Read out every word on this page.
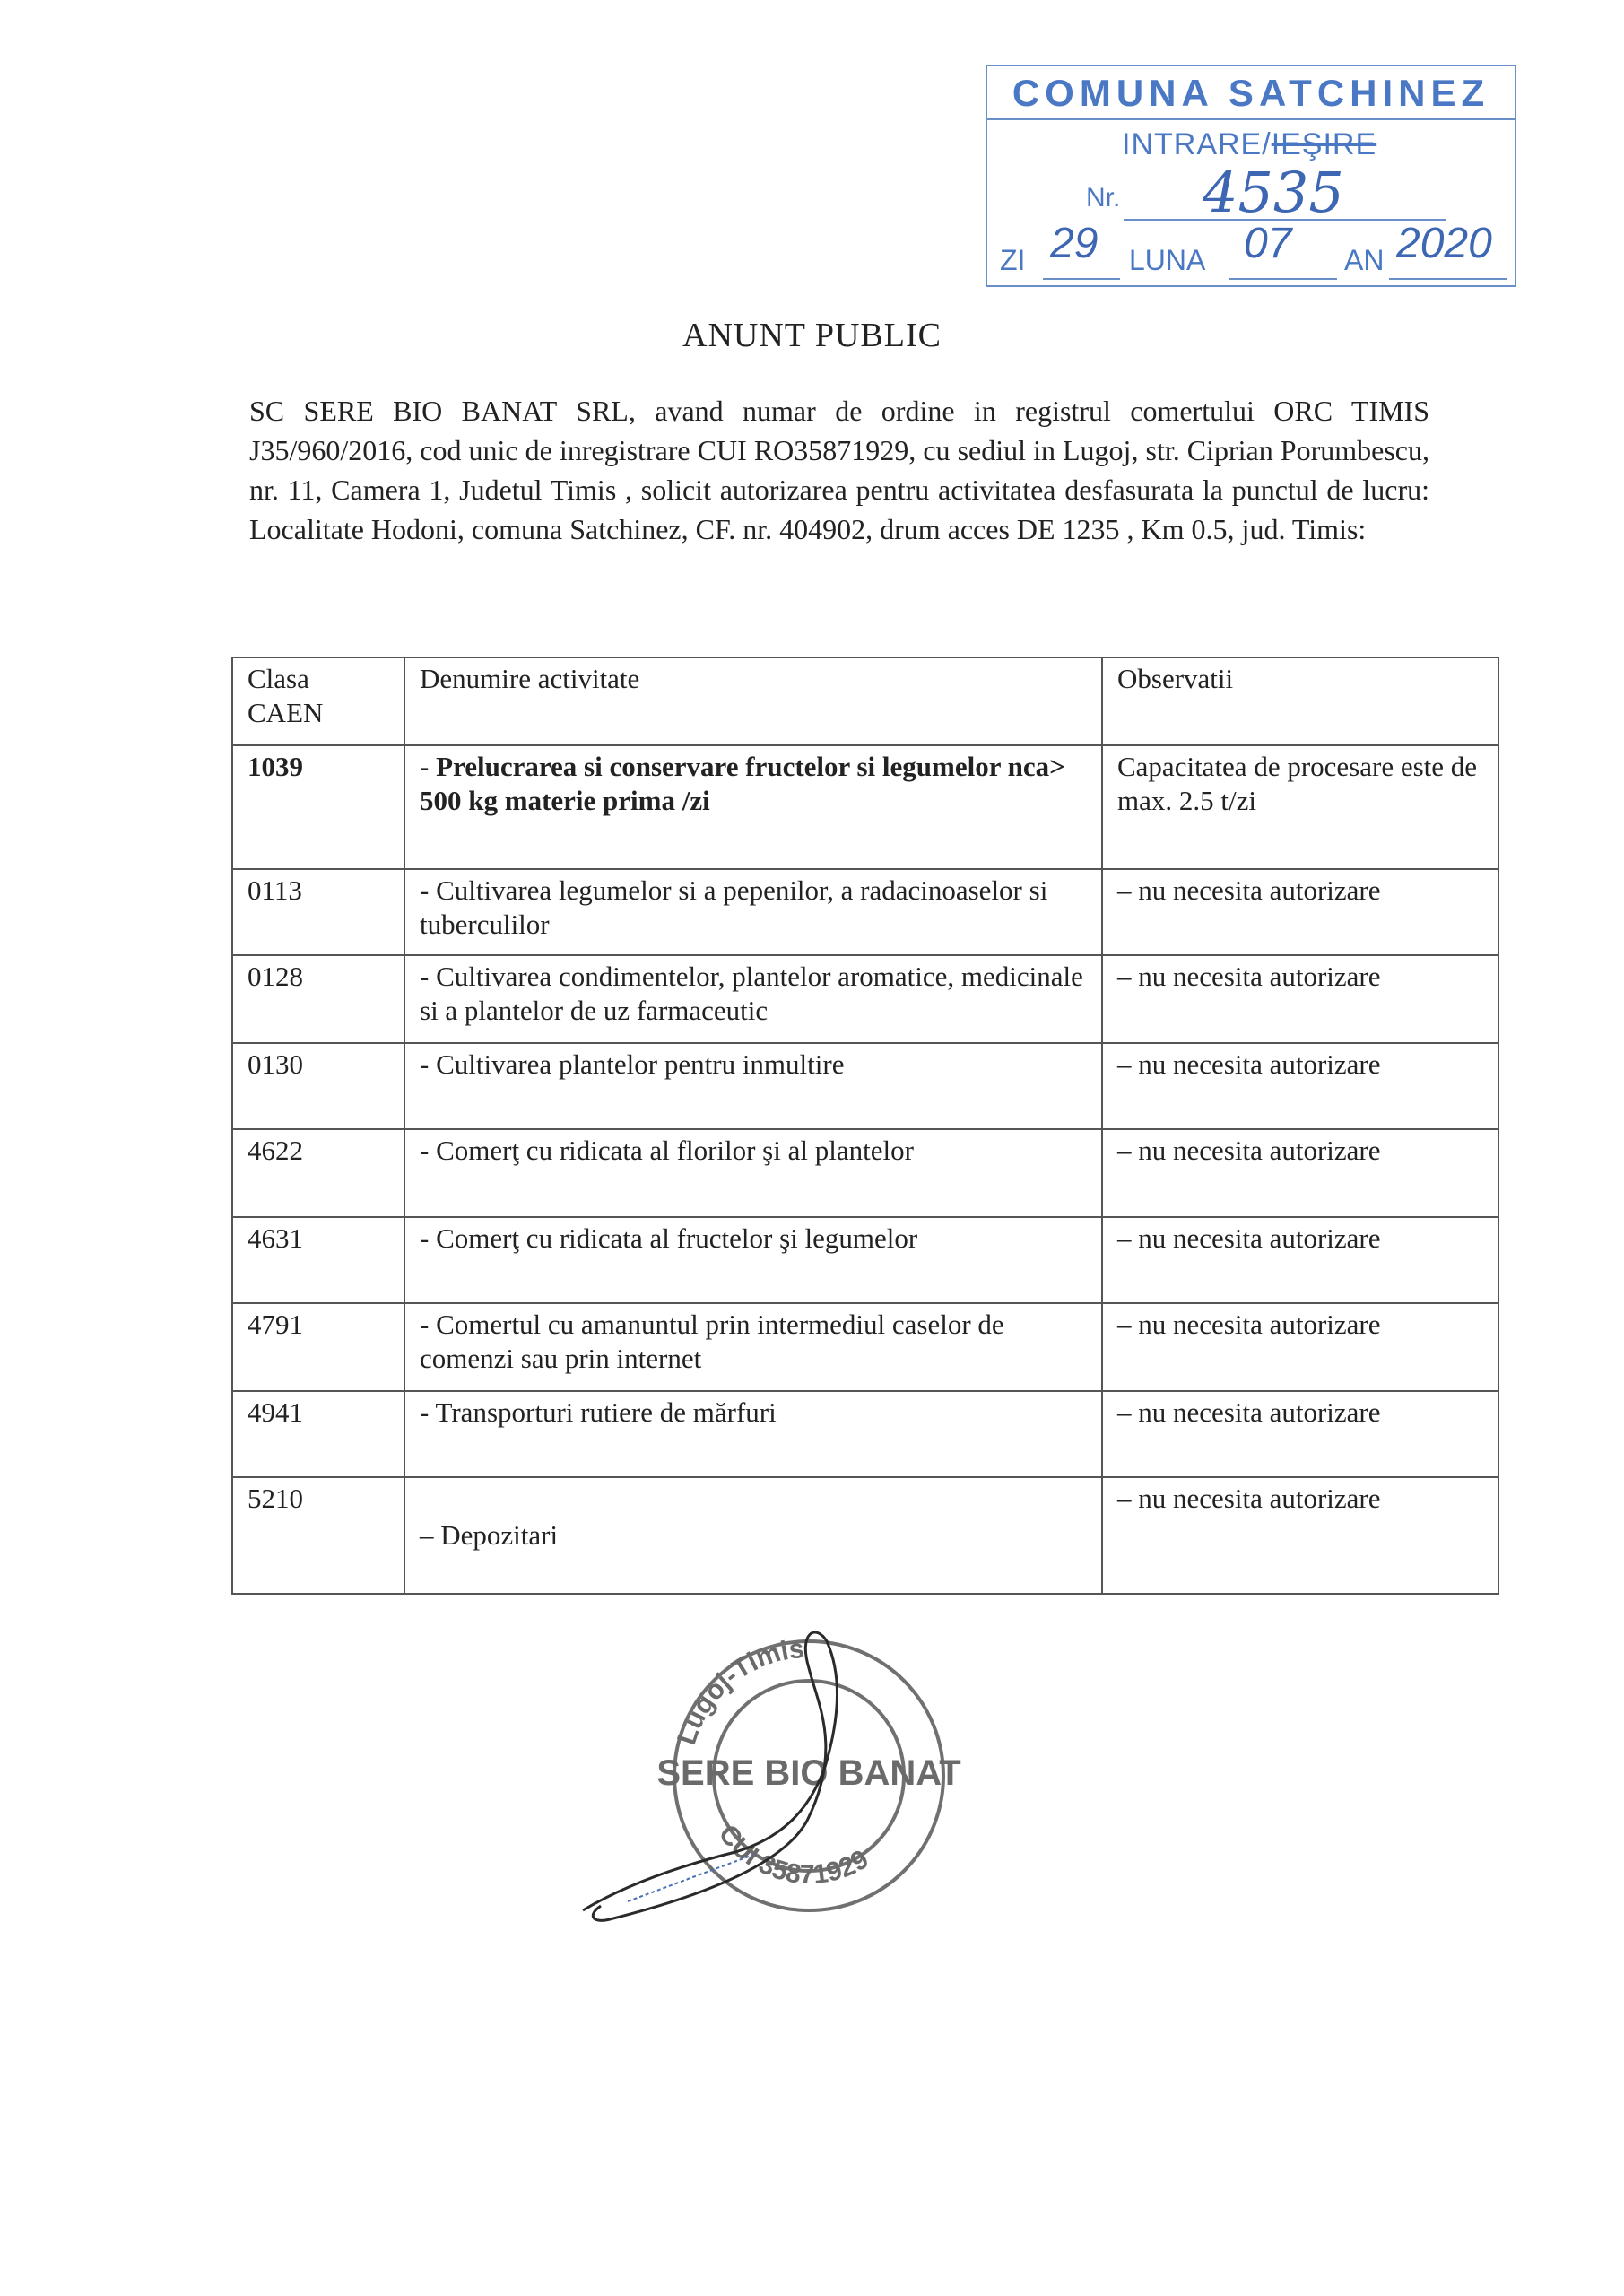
COMUNA SATCHINEZ
INTRARE/IEŞIRE
Nr. 4535
ZI 29 LUNA 07 AN 2020
ANUNT PUBLIC
SC SERE BIO BANAT SRL, avand numar de ordine in registrul comertului ORC TIMIS J35/960/2016, cod unic de inregistrare CUI RO35871929, cu sediul in Lugoj, str. Ciprian Porumbescu, nr. 11, Camera 1, Judetul Timis , solicit autorizarea pentru activitatea desfasurata la punctul de lucru: Localitate Hodoni, comuna Satchinez, CF. nr. 404902, drum acces DE 1235 , Km 0.5, jud. Timis:
Clasa CAEN	Denumire activitate	Observatii
1039	- Prelucrarea si conservare fructelor si legumelor nca> 500 kg materie prima /zi	Capacitatea de procesare este de max. 2.5 t/zi
0113	- Cultivarea legumelor si a pepenilor, a radacinoaselor si tuberculilor	– nu necesita autorizare
0128	- Cultivarea condimentelor, plantelor aromatice, medicinale si a plantelor de uz farmaceutic	– nu necesita autorizare
0130	- Cultivarea plantelor pentru inmultire	– nu necesita autorizare
4622	- Comerţ cu ridicata al florilor şi al plantelor	– nu necesita autorizare
4631	- Comerţ cu ridicata al fructelor şi legumelor	– nu necesita autorizare
4791	- Comertul cu amanuntul prin intermediul caselor de comenzi sau prin internet	– nu necesita autorizare
4941	- Transporturi rutiere de mărfuri	– nu necesita autorizare
5210	– Depozitari	– nu necesita autorizare
Lugoj-Timis
CUI 35871929
SERE BIO BANAT
